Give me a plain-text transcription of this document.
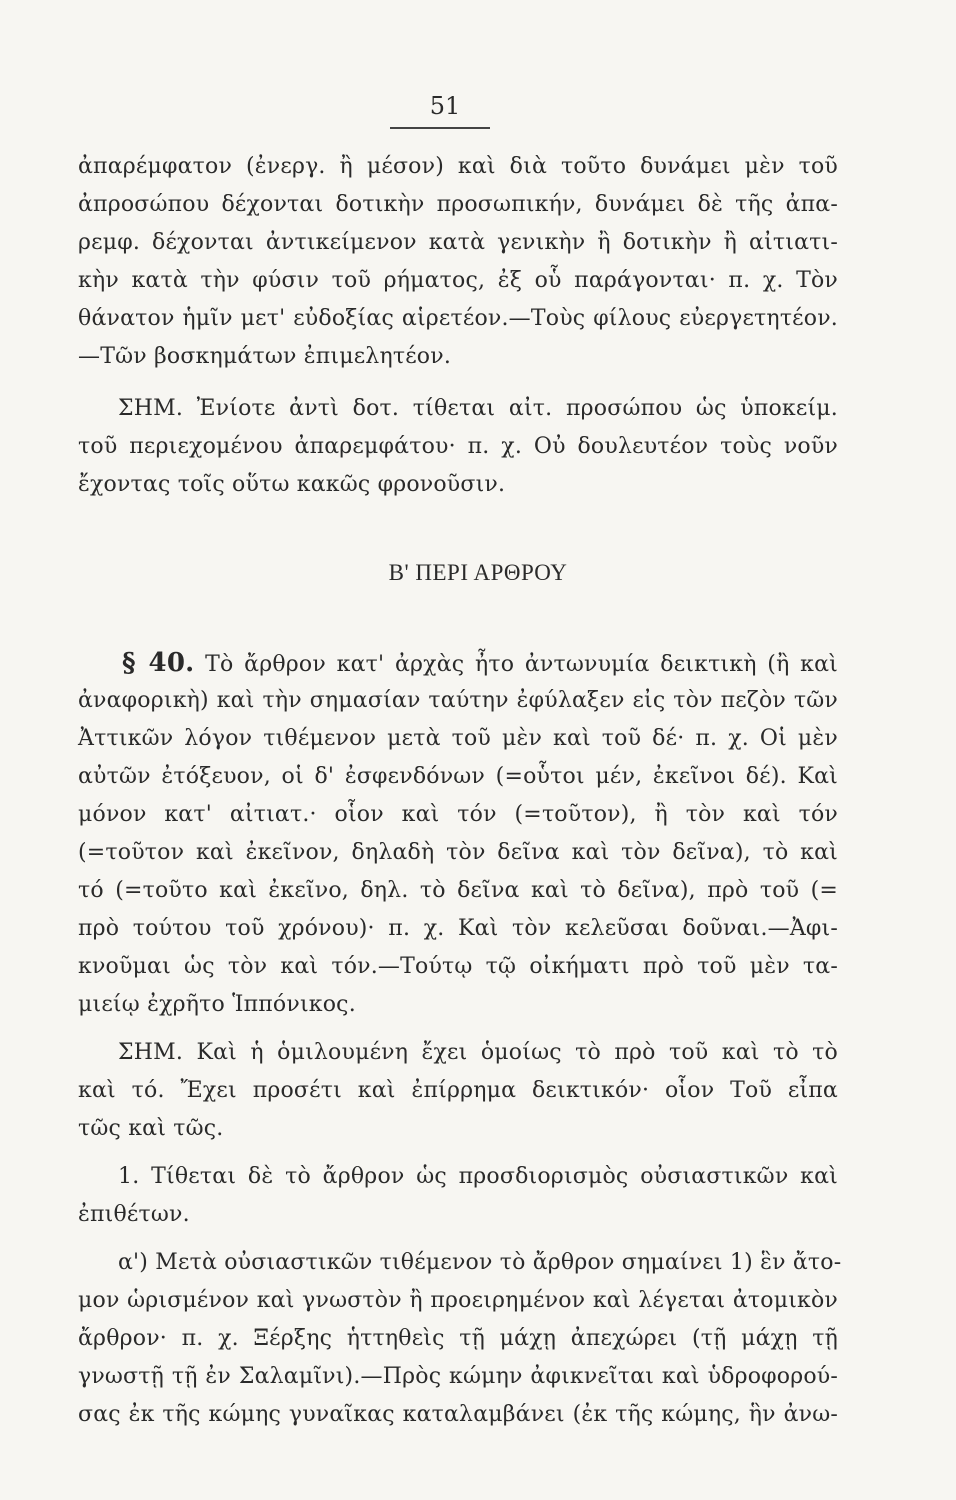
51
ἀπαρέμφατον (ἐνεργ. ἢ μέσον) καὶ διὰ τοῦτο δυνάμει μὲν τοῦ
ἀπροσώπου δέχονται δοτικὴν προσωπικήν, δυνάμει δὲ τῆς ἀπα-
ρεμφ. δέχονται ἀντικείμενον κατὰ γενικὴν ἢ δοτικὴν ἢ αἰτιατι-
κὴν κατὰ τὴν φύσιν τοῦ ρήματος, ἐξ οὗ παράγονται· π. χ. Τὸν
θάνατον ἡμῖν μετ' εὐδοξίας αἱρετέον.—Τοὺς φίλους εὐεργετητέον.
—Τῶν βοσκημάτων ἐπιμελητέον.
ΣΗΜ. Ἐνίοτε ἀντὶ δοτ. τίθεται αἰτ. προσώπου ὡς ὑποκείμ.
τοῦ περιεχομένου ἀπαρεμφάτου· π. χ. Οὐ δουλευτέον τοὺς νοῦν
ἔχοντας τοῖς οὕτω κακῶς φρονοῦσιν.
Β' ΠΕΡΙ ΑΡΘΡΟΥ
§ 40. Τὸ ἄρθρον κατ' ἀρχὰς ἦτο ἀντωνυμία δεικτικὴ (ἢ καὶ
ἀναφορικὴ) καὶ τὴν σημασίαν ταύτην ἐφύλαξεν εἰς τὸν πεζὸν τῶν
Ἀττικῶν λόγον τιθέμενον μετὰ τοῦ μὲν καὶ τοῦ δέ· π. χ. Οἱ μὲν
αὐτῶν ἐτόξευον, οἱ δ' ἐσφενδόνων (=οὗτοι μέν, ἐκεῖνοι δέ). Καὶ
μόνον κατ' αἰτιατ.· οἷον καὶ τόν (=τοῦτον), ἢ τὸν καὶ τόν
(=τοῦτον καὶ ἐκεῖνον, δηλαδὴ τὸν δεῖνα καὶ τὸν δεῖνα), τὸ καὶ
τό (=τοῦτο καὶ ἐκεῖνο, δηλ. τὸ δεῖνα καὶ τὸ δεῖνα), πρὸ τοῦ (=
πρὸ τούτου τοῦ χρόνου)· π. χ. Καὶ τὸν κελεῦσαι δοῦναι.—Ἀφι-
κνοῦμαι ὡς τὸν καὶ τόν.—Τούτῳ τῷ οἰκήματι πρὸ τοῦ μὲν τα-
μιείῳ ἐχρῆτο Ἱππόνικος.
ΣΗΜ. Καὶ ἡ ὁμιλουμένη ἔχει ὁμοίως τὸ πρὸ τοῦ καὶ τὸ τὸ
καὶ τό. Ἔχει προσέτι καὶ ἐπίρρημα δεικτικόν· οἷον Τοῦ εἶπα
τῶς καὶ τῶς.
1. Τίθεται δὲ τὸ ἄρθρον ὡς προσδιορισμὸς οὐσιαστικῶν καὶ
ἐπιθέτων.
α') Μετὰ οὐσιαστικῶν τιθέμενον τὸ ἄρθρον σημαίνει 1) ἓν ἄτο-
μον ὡρισμένον καὶ γνωστὸν ἢ προειρημένον καὶ λέγεται ἀτομικὸν
ἄρθρον· π. χ. Ξέρξης ἡττηθεὶς τῇ μάχῃ ἀπεχώρει (τῇ μάχῃ τῇ
γνωστῇ τῇ ἐν Σαλαμῖνι).—Πρὸς κώμην ἀφικνεῖται καὶ ὑδροφορού-
σας ἐκ τῆς κώμης γυναῖκας καταλαμβάνει (ἐκ τῆς κώμης, ἣν ἀνω-
